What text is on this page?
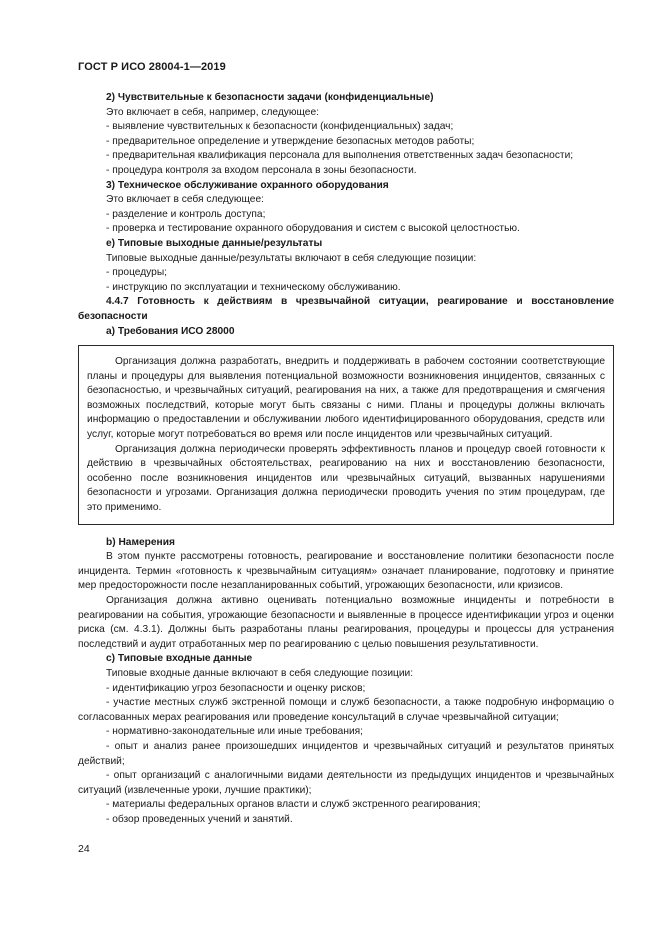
ГОСТ Р ИСО 28004-1—2019

2) Чувствительные к безопасности задачи (конфиденциальные)

Это включает в себя, например, следующее:

- выявление чувствительных к безопасности (конфиденциальных) задач;

- предварительное определение и утверждение безопасных методов работы;

- предварительная квалификация персонала для выполнения ответственных задач безопасности;

- процедура контроля за входом персонала в зоны безопасности.

3) Техническое обслуживание охранного оборудования

Это включает в себя следующее:

- разделение и контроль доступа;

- проверка и тестирование охранного оборудования и систем с высокой целостностью.

e) Типовые выходные данные/результаты

Типовые выходные данные/результаты включают в себя следующие позиции:

- процедуры;

- инструкцию по эксплуатации и техническому обслуживанию.

4.4.7 Готовность к действиям в чрезвычайной ситуации, реагирование и восстановление безопасности

a) Требования ИСО 28000

Организация должна разработать, внедрить и поддерживать в рабочем состоянии соответствующие планы и процедуры для выявления потенциальной возможности возникновения инцидентов, связанных с безопасностью, и чрезвычайных ситуаций, реагирования на них, а также для предотвращения и смягчения возможных последствий, которые могут быть связаны с ними. Планы и процедуры должны включать информацию о предоставлении и обслуживании любого идентифицированного оборудования, средств или услуг, которые могут потребоваться во время или после инцидентов или чрезвычайных ситуаций.

Организация должна периодически проверять эффективность планов и процедур своей готовности к действию в чрезвычайных обстоятельствах, реагированию на них и восстановлению безопасности, особенно после возникновения инцидентов или чрезвычайных ситуаций, вызванных нарушениями безопасности и угрозами. Организация должна периодически проводить учения по этим процедурам, где это применимо.

b) Намерения

В этом пункте рассмотрены готовность, реагирование и восстановление политики безопасности после инцидента. Термин «готовность к чрезвычайным ситуациям» означает планирование, подготовку и принятие мер предосторожности после незапланированных событий, угрожающих безопасности, или кризисов.

Организация должна активно оценивать потенциально возможные инциденты и потребности в реагировании на события, угрожающие безопасности и выявленные в процессе идентификации угроз и оценки риска (см. 4.3.1). Должны быть разработаны планы реагирования, процедуры и процессы для устранения последствий и аудит отработанных мер по реагированию с целью повышения результативности.

c) Типовые входные данные

Типовые входные данные включают в себя следующие позиции:

- идентификацию угроз безопасности и оценку рисков;

- участие местных служб экстренной помощи и служб безопасности, а также подробную информацию о согласованных мерах реагирования или проведение консультаций в случае чрезвычайной ситуации;

- нормативно-законодательные или иные требования;

- опыт и анализ ранее произошедших инцидентов и чрезвычайных ситуаций и результатов принятых действий;

- опыт организаций с аналогичными видами деятельности из предыдущих инцидентов и чрезвычайных ситуаций (извлеченные уроки, лучшие практики);

- материалы федеральных органов власти и служб экстренного реагирования;

- обзор проведенных учений и занятий.

24
